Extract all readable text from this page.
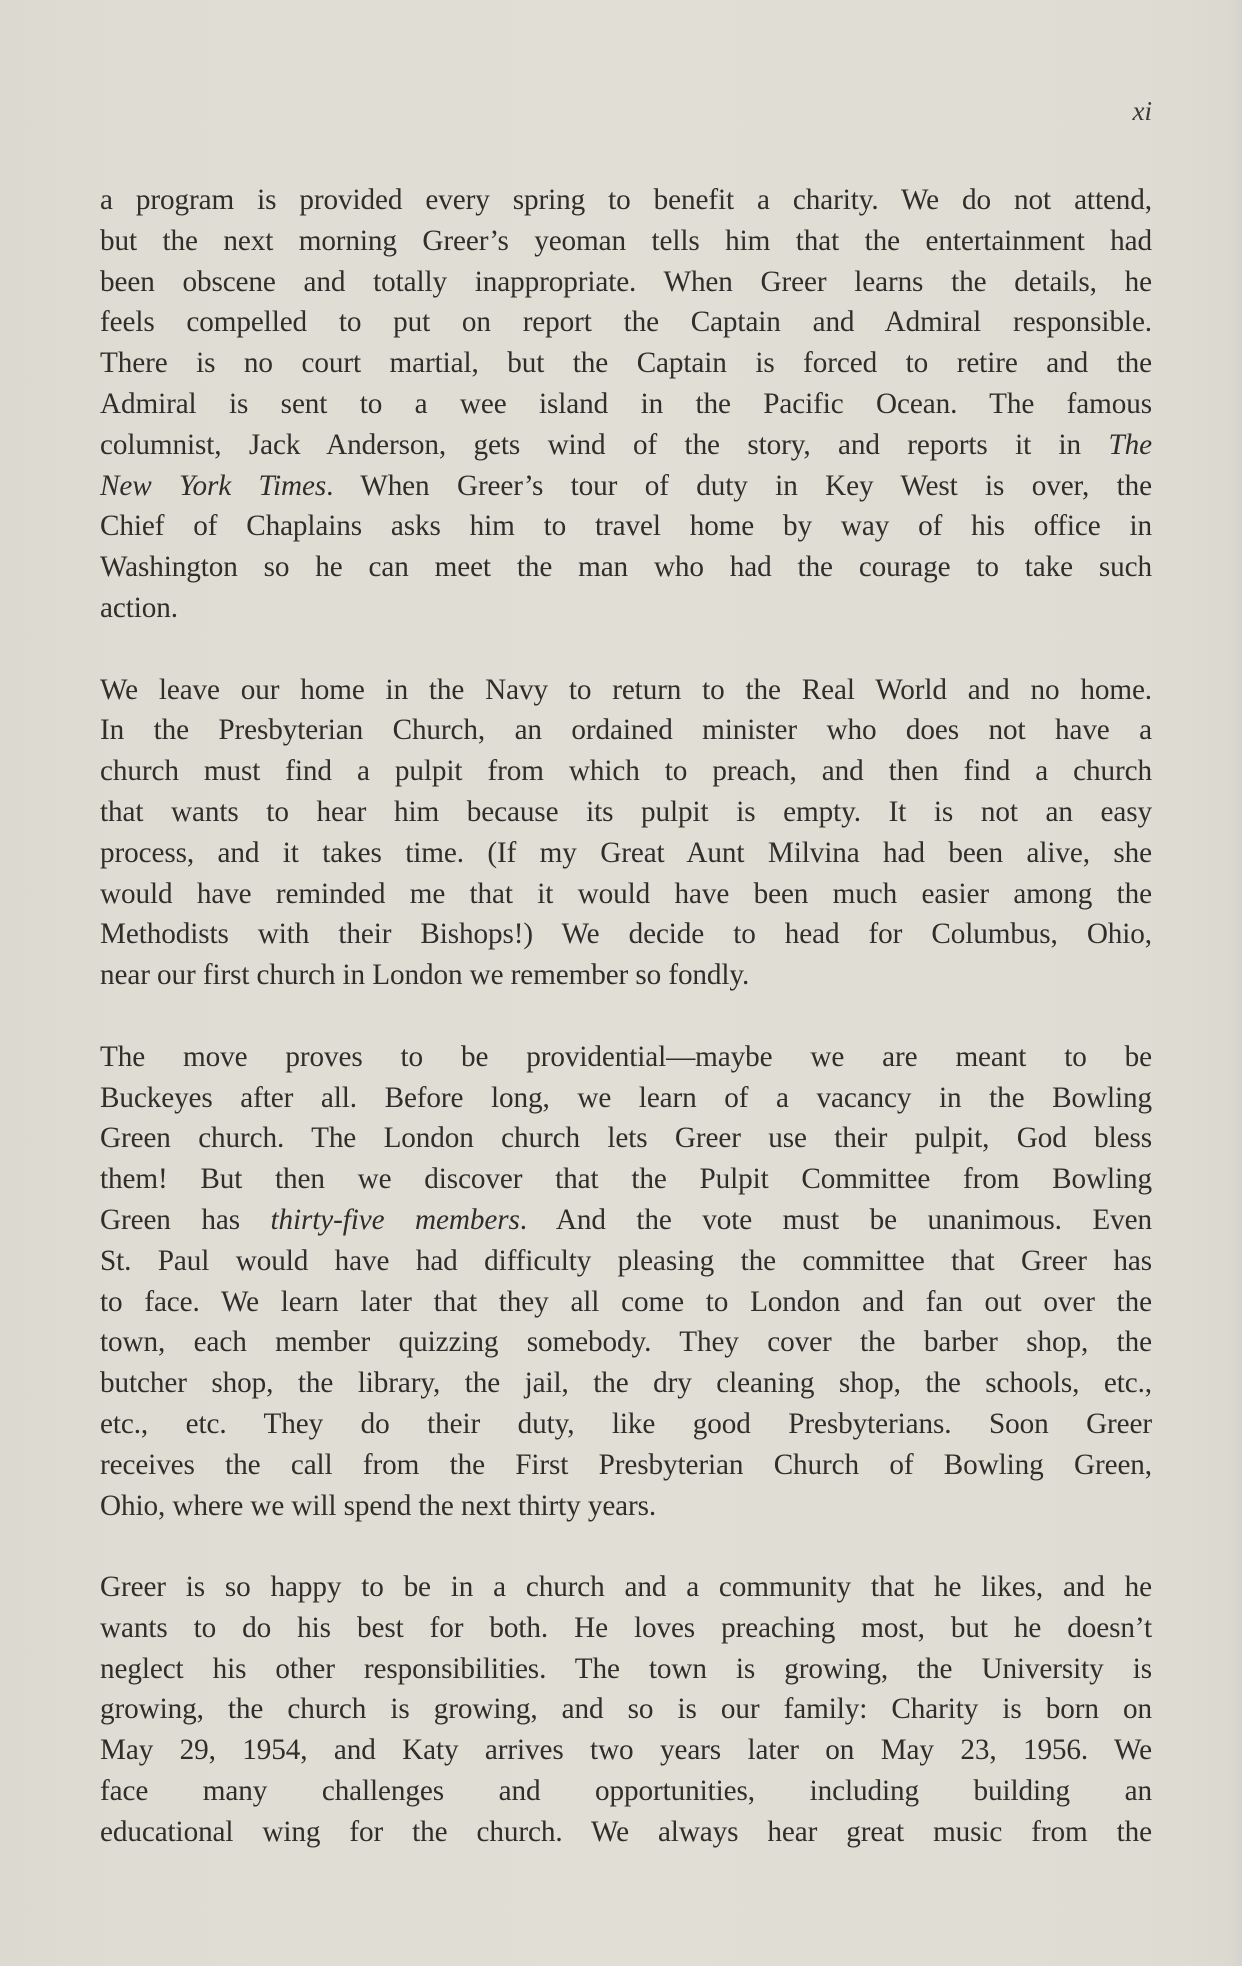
xi
a program is provided every spring to benefit a charity. We do not attend,
but the next morning Greer’s yeoman tells him that the entertainment had
been obscene and totally inappropriate. When Greer learns the details, he
feels compelled to put on report the Captain and Admiral responsible.
There is no court martial, but the Captain is forced to retire and the
Admiral is sent to a wee island in the Pacific Ocean. The famous
columnist, Jack Anderson, gets wind of the story, and reports it in The
New York Times. When Greer’s tour of duty in Key West is over, the
Chief of Chaplains asks him to travel home by way of his office in
Washington so he can meet the man who had the courage to take such
action.
We leave our home in the Navy to return to the Real World and no home.
In the Presbyterian Church, an ordained minister who does not have a
church must find a pulpit from which to preach, and then find a church
that wants to hear him because its pulpit is empty. It is not an easy
process, and it takes time. (If my Great Aunt Milvina had been alive, she
would have reminded me that it would have been much easier among the
Methodists with their Bishops!) We decide to head for Columbus, Ohio,
near our first church in London we remember so fondly.
The move proves to be providential—maybe we are meant to be
Buckeyes after all. Before long, we learn of a vacancy in the Bowling
Green church. The London church lets Greer use their pulpit, God bless
them! But then we discover that the Pulpit Committee from Bowling
Green has thirty-five members. And the vote must be unanimous. Even
St. Paul would have had difficulty pleasing the committee that Greer has
to face. We learn later that they all come to London and fan out over the
town, each member quizzing somebody. They cover the barber shop, the
butcher shop, the library, the jail, the dry cleaning shop, the schools, etc.,
etc., etc. They do their duty, like good Presbyterians. Soon Greer
receives the call from the First Presbyterian Church of Bowling Green,
Ohio, where we will spend the next thirty years.
Greer is so happy to be in a church and a community that he likes, and he
wants to do his best for both. He loves preaching most, but he doesn’t
neglect his other responsibilities. The town is growing, the University is
growing, the church is growing, and so is our family: Charity is born on
May 29, 1954, and Katy arrives two years later on May 23, 1956. We
face many challenges and opportunities, including building an
educational wing for the church. We always hear great music from the
